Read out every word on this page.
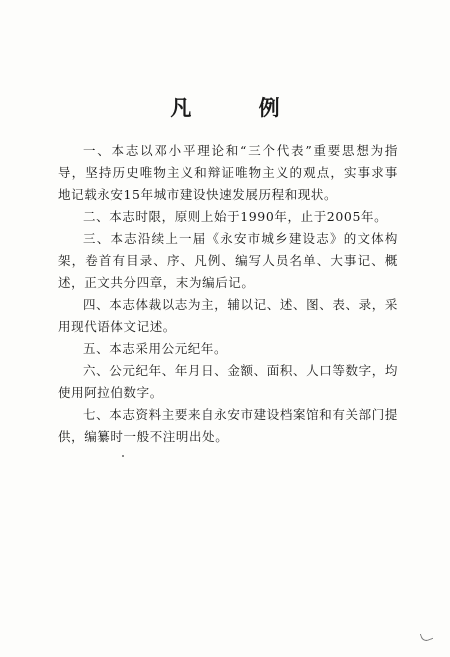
凡 例

一、本志以邓小平理论和“三个代表”重要思想为指导，坚持历史唯物主义和辩证唯物主义的观点，实事求事地记载永安15年城市建设快速发展历程和现状。

二、本志时限，原则上始于1990年，止于2005年。

三、本志沿续上一届《永安市城乡建设志》的文体构架，卷首有目录、序、凡例、编写人员名单、大事记、概述，正文共分四章，末为编后记。

四、本志体裁以志为主，辅以记、述、图、表、录，采用现代语体文记述。

五、本志采用公元纪年。

六、公元纪年、年月日、金额、面积、人口等数字，均使用阿拉伯数字。

七、本志资料主要来自永安市建设档案馆和有关部门提供，编纂时一般不注明出处。
